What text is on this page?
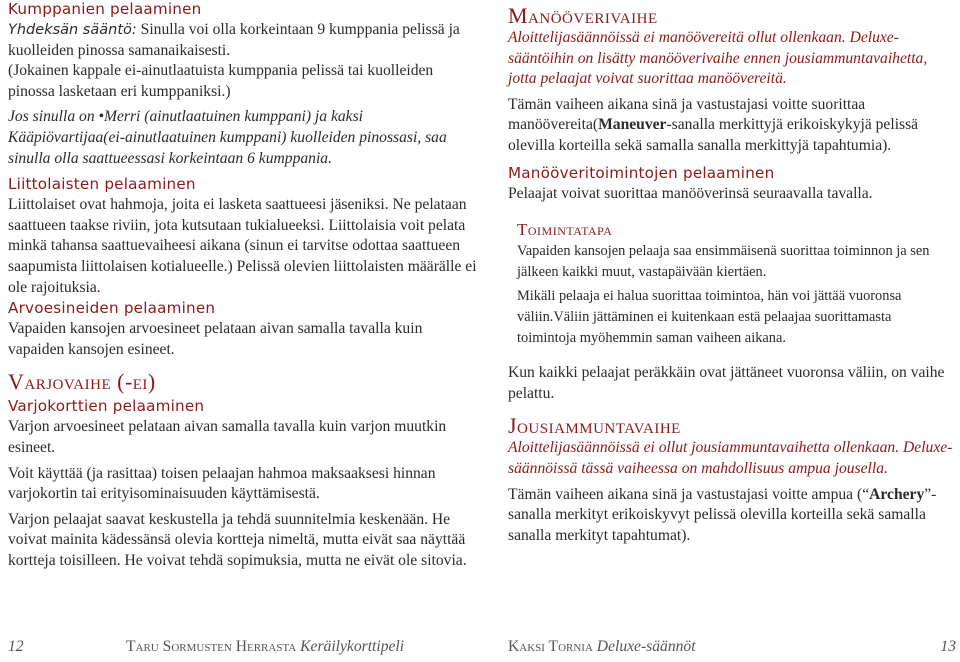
Kumppanien pelaaminen

Yhdeksän sääntö: Sinulla voi olla korkeintaan 9 kumppania pelissä ja kuolleiden pinossa samanaikaisesti.

(Jokainen kappale ei-ainutlaatuista kumppania pelissä tai kuolleiden pinossa lasketaan eri kumppaniksi.)

Jos sinulla on •Merri (ainutlaatuinen kumppani) ja kaksi Kääpiövartijaa(ei-ainutlaatuinen kumppani) kuolleiden pinossasi, saa sinulla olla saattueessasi korkeintaan 6 kumppania.

Liittolaisten pelaaminen

Liittolaiset ovat hahmoja, joita ei lasketa saattueesi jäseniksi. Ne pelataan saattueen taakse riviin, jota kutsutaan tukialueeksi. Liittolaisia voit pelata minkä tahansa saattuevaiheesi aikana (sinun ei tarvitse odottaa saattueen saapumista liittolaisen kotialueelle.) Pelissä olevien liittolaisten määrälle ei ole rajoituksia.

Arvoesineiden pelaaminen

Vapaiden kansojen arvoesineet pelataan aivan samalla tavalla kuin vapaiden kansojen esineet.

Varjovaihe (-ei)
Varjokorttien pelaaminen

Varjon arvoesineet pelataan aivan samalla tavalla kuin varjon muutkin esineet.

Voit käyttää (ja rasittaa) toisen pelaajan hahmoa maksaaksesi hinnan varjokortin tai erityisominaisuuden käyttämisestä.

Varjon pelaajat saavat keskustella ja tehdä suunnitelmia keskenään. He voivat mainita kädessänsä olevia kortteja nimeltä, mutta eivät saa näyttää kortteja toisilleen. He voivat tehdä sopimuksia, mutta ne eivät ole sitovia.

Manööverivaihe

Aloittelijasäännöissä ei manöövereitä ollut ollenkaan. Deluxe-sääntöihin on lisätty manööverivaihe ennen jousiammuntavaihetta, jotta pelaajat voivat suorittaa manöövereitä.

Tämän vaiheen aikana sinä ja vastustajasi voitte suorittaa manöövereita(Maneuver-sanalla merkittyjä erikoiskykyjä pelissä olevilla korteilla sekä samalla sanalla merkittyjä tapahtumia).

Manööveritoimintojen pelaaminen

Pelaajat voivat suorittaa manööverinsä seuraavalla tavalla.

Toimintatapa

Vapaiden kansojen pelaaja saa ensimmäisenä suorittaa toiminnon ja sen jälkeen kaikki muut, vastapäivään kiertäen.

Mikäli pelaaja ei halua suorittaa toimintoa, hän voi jättää vuoronsa väliin.Väliin jättäminen ei kuitenkaan estä pelaajaa suorittamasta toimintoja myöhemmin saman vaiheen aikana.

Kun kaikki pelaajat peräkkäin ovat jättäneet vuoronsa väliin, on vaihe pelattu.

Jousiammuntavaihe

Aloittelijasäännöissä ei ollut jousiammuntavaihetta ollenkaan. Deluxe-säännöissä tässä vaiheessa on mahdollisuus ampua jousella.

Tämän vaiheen aikana sinä ja vastustajasi voitte ampua (“Archery”-sanalla merkityt erikoiskyvyt pelissä olevilla korteilla sekä samalla sanalla merkityt tapahtumat).

12	Taru Sormusten Herrasta Keräilykorttipeli	Kaksi Tornia Deluxe-säännöt	13
